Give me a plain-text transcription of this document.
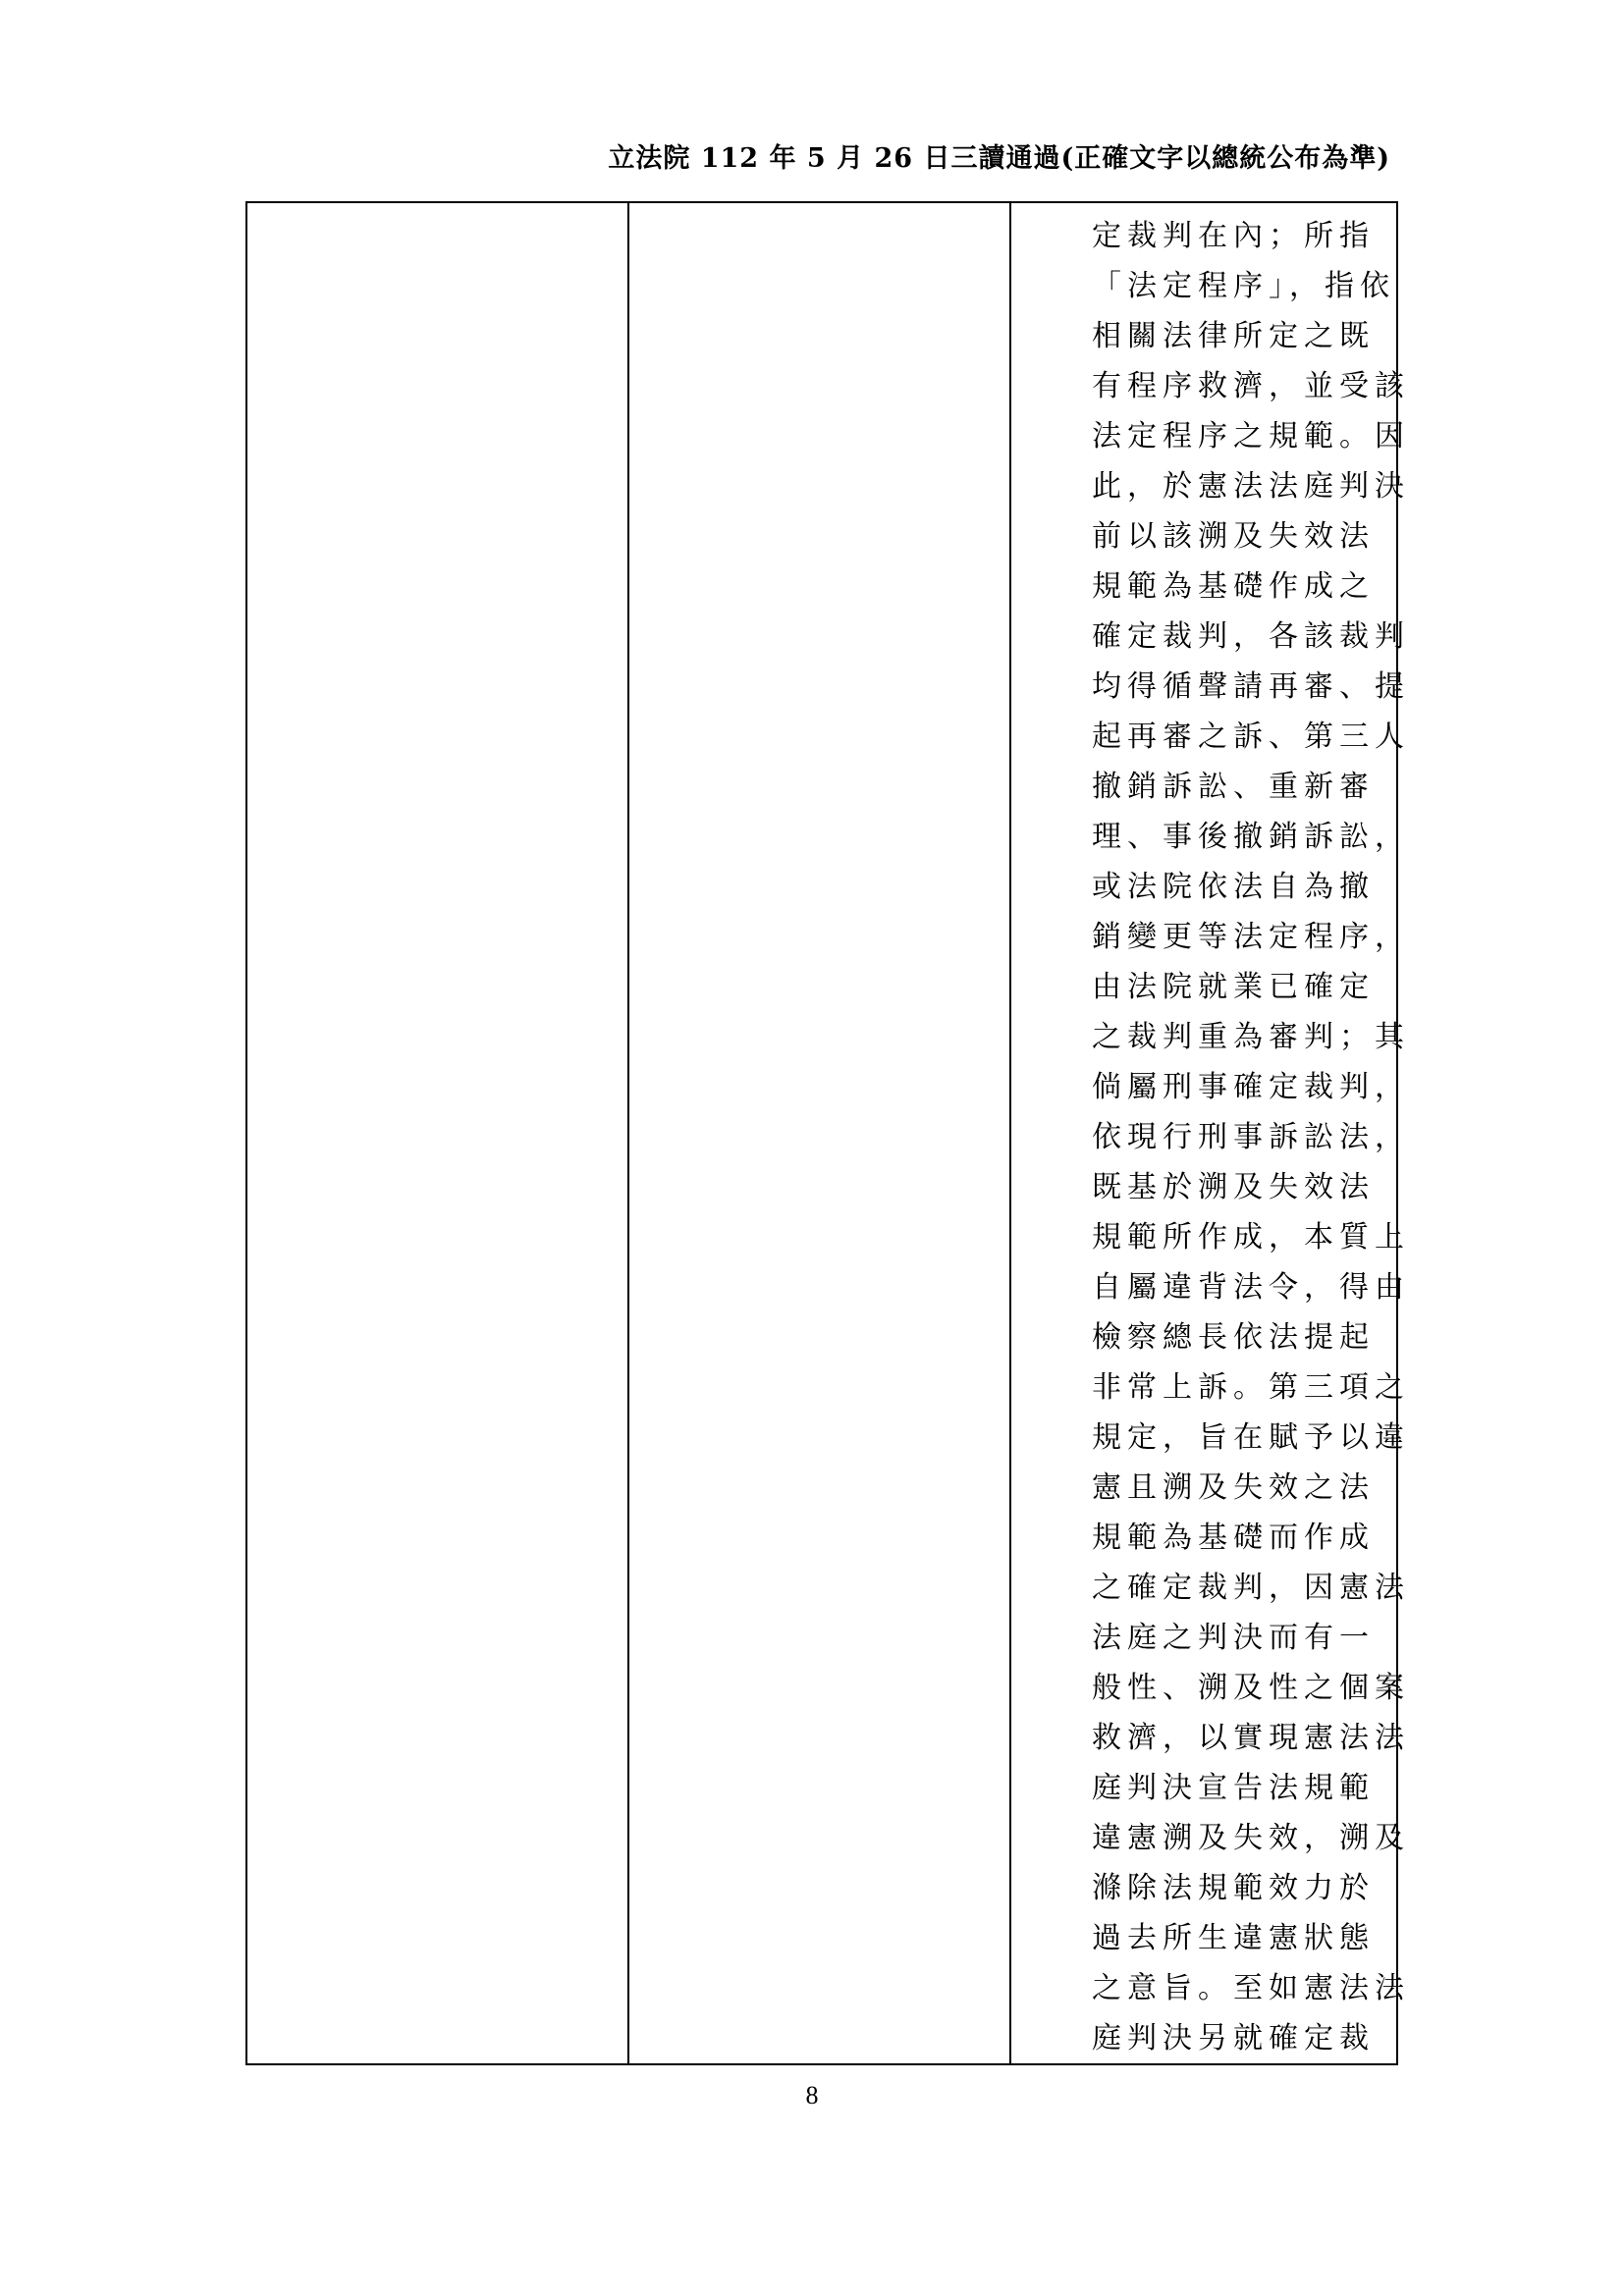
立法院 112 年 5 月 26 日三讀通過(正確文字以總統公布為準)

定裁判在內；所指
「法定程序」，指依
相關法律所定之既
有程序救濟，並受該
法定程序之規範。因
此，於憲法法庭判決
前以該溯及失效法
規範為基礎作成之
確定裁判，各該裁判
均得循聲請再審、提
起再審之訴、第三人
撤銷訴訟、重新審
理、事後撤銷訴訟，
或法院依法自為撤
銷變更等法定程序，
由法院就業已確定
之裁判重為審判；其
倘屬刑事確定裁判，
依現行刑事訴訟法，
既基於溯及失效法
規範所作成，本質上
自屬違背法令，得由
檢察總長依法提起
非常上訴。第三項之
規定，旨在賦予以違
憲且溯及失效之法
規範為基礎而作成
之確定裁判，因憲法
法庭之判決而有一
般性、溯及性之個案
救濟，以實現憲法法
庭判決宣告法規範
違憲溯及失效，溯及
滌除法規範效力於
過去所生違憲狀態
之意旨。至如憲法法
庭判決另就確定裁
8
